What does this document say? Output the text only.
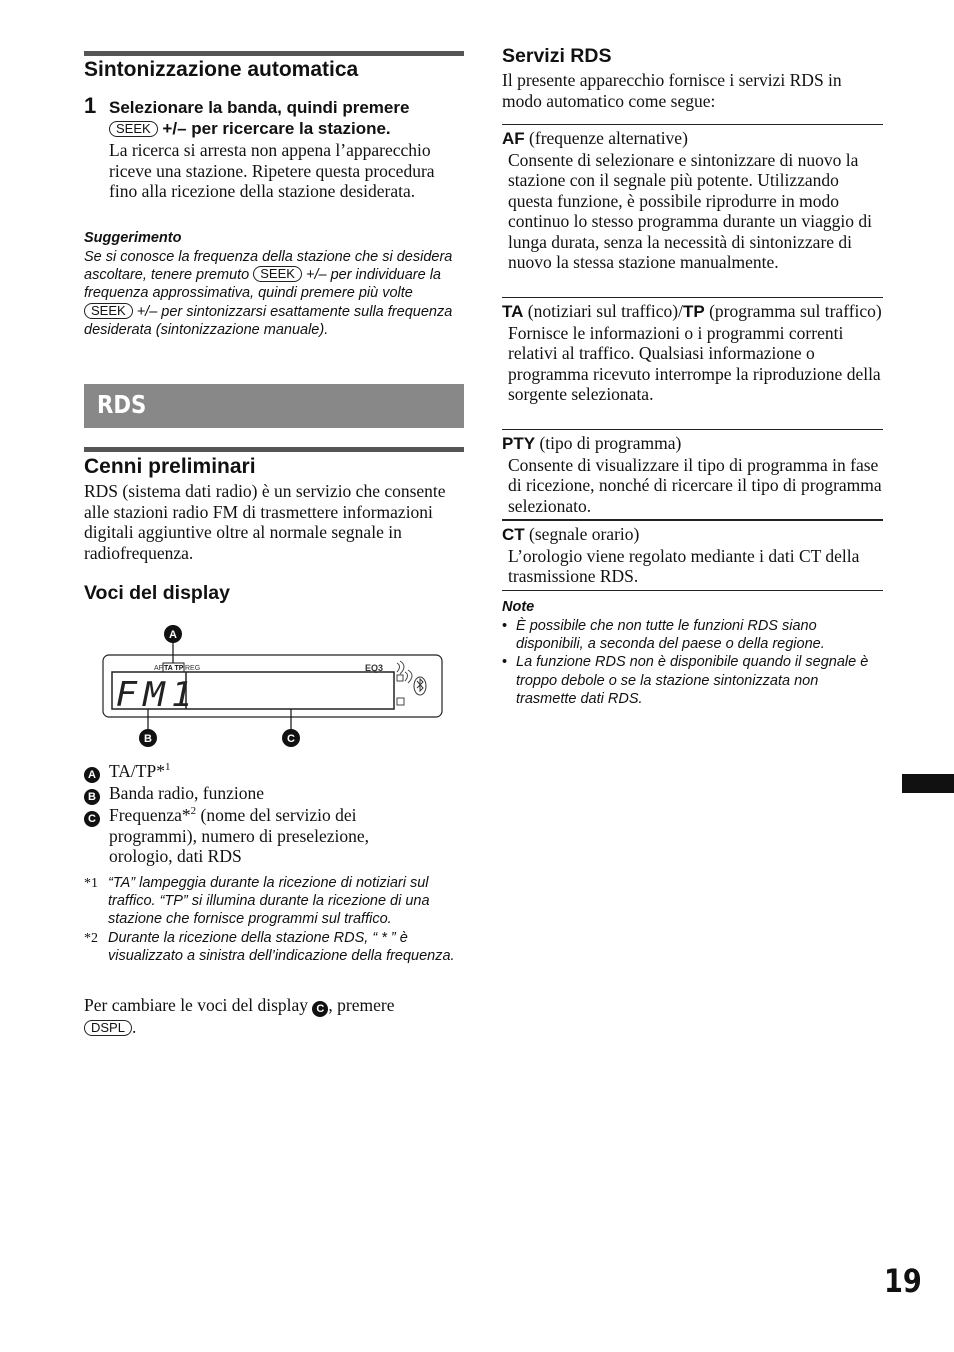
Sintonizzazione automatica
1 Selezionare la banda, quindi premere
SEEK +/– per ricercare la stazione.
La ricerca si arresta non appena l’apparecchio riceve una stazione. Ripetere questa procedura fino alla ricezione della stazione desiderata.
Suggerimento
Se si conosce la frequenza della stazione che si desidera ascoltare, tenere premuto SEEK +/– per individuare la frequenza approssimativa, quindi premere più volte SEEK +/– per sintonizzarsi esattamente sulla frequenza desiderata (sintonizzazione manuale).
RDS
Cenni preliminari
RDS (sistema dati radio) è un servizio che consente alle stazioni radio FM di trasmettere informazioni digitali aggiuntive oltre al normale segnale in radiofrequenza.
Voci del display
FM1
AF TA TP REG	EQ3
A
B	C
A TA/TP*$^1$
B Banda radio, funzione
C Frequenza*$^2$ (nome del servizio dei programmi), numero di preselezione, orologio, dati RDS
*1 “TA” lampeggia durante la ricezione di notiziari sul traffico. “TP” si illumina durante la ricezione di una stazione che fornisce programmi sul traffico.
*2 Durante la ricezione della stazione RDS, “ * ” è visualizzato a sinistra dell’indicazione della frequenza.
Per cambiare le voci del display C , premere
DSPL .
Servizi RDS
Il presente apparecchio fornisce i servizi RDS in modo automatico come segue:
AF (frequenze alternative)
Consente di selezionare e sintonizzare di nuovo la stazione con il segnale più potente. Utilizzando questa funzione, è possibile riprodurre in modo continuo lo stesso programma durante un viaggio di lunga durata, senza la necessità di sintonizzare di nuovo la stessa stazione manualmente.
TA (notiziari sul traffico)/TP (programma sul traffico)
Fornisce le informazioni o i programmi correnti relativi al traffico. Qualsiasi informazione o programma ricevuto interrompe la riproduzione della sorgente selezionata.
PTY (tipo di programma)
Consente di visualizzare il tipo di programma in fase di ricezione, nonché di ricercare il tipo di programma selezionato.
CT (segnale orario)
L’orologio viene regolato mediante i dati CT della trasmissione RDS.
Note
• È possibile che non tutte le funzioni RDS siano disponibili, a seconda del paese o della regione.
• La funzione RDS non è disponibile quando il segnale è troppo debole o se la stazione sintonizzata non trasmette dati RDS.
19
